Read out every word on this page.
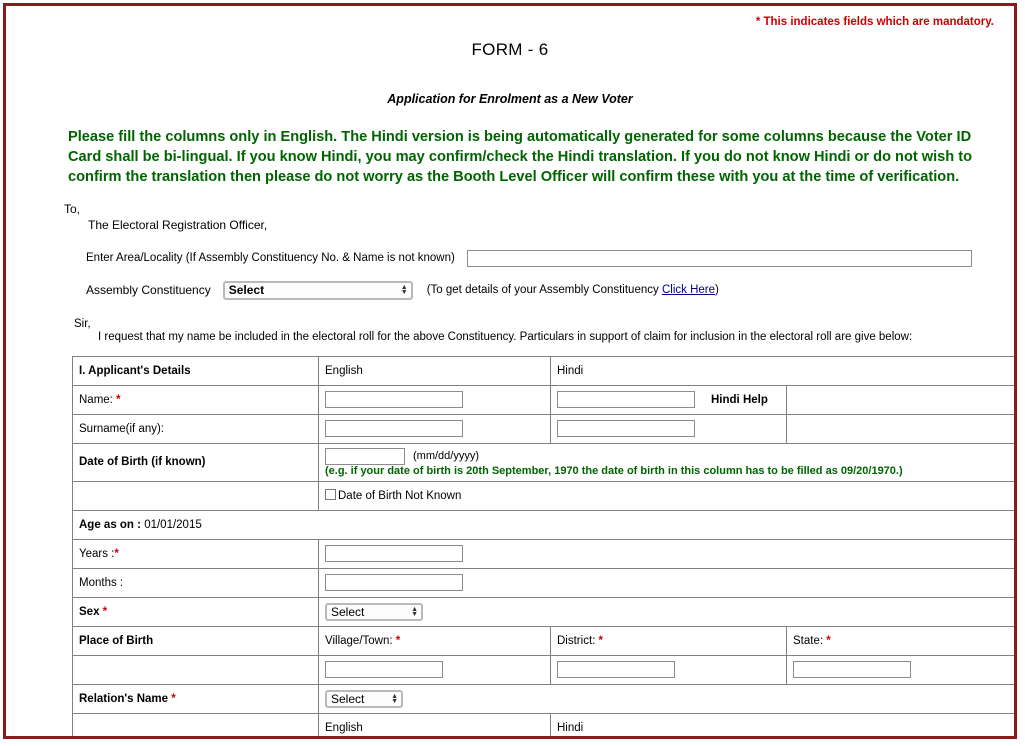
* This indicates fields which are mandatory.
FORM - 6
Application for Enrolment as a New Voter
Please fill the columns only in English. The Hindi version is being automatically generated for some columns because the Voter ID Card shall be bi-lingual. If you know Hindi, you may confirm/check the Hindi translation. If you do not know Hindi or do not wish to confirm the translation then please do not worry as the Booth Level Officer will confirm these with you at the time of verification.
To,
The Electoral Registration Officer,
Enter Area/Locality (If Assembly Constituency No. & Name is not known)
Assembly Constituency Select	▲
▼ (To get details of your Assembly Constituency Click Here)
Sir,
I request that my name be included in the electoral roll for the above Constituency. Particulars in support of claim for inclusion in the electoral roll are give below:
I. Applicant's Details	English	Hindi	
Name: *		Hindi Help	

Surname(if any):			
Date of Birth (if known)	(mm/dd/yyyy)
(e.g. if your date of birth is 20th September, 1970 the date of birth in this column has to be filled as 09/20/1970.)		

	Date of Birth Not Known		
Age as on : 01/01/2015			
Years :*	
Months :	
Sex *	Select ▲
▼		

Place of Birth	Village/Town: *	District: *	State: *

Relation's Name *	Select ▲
▼		

	English	Hindi	
